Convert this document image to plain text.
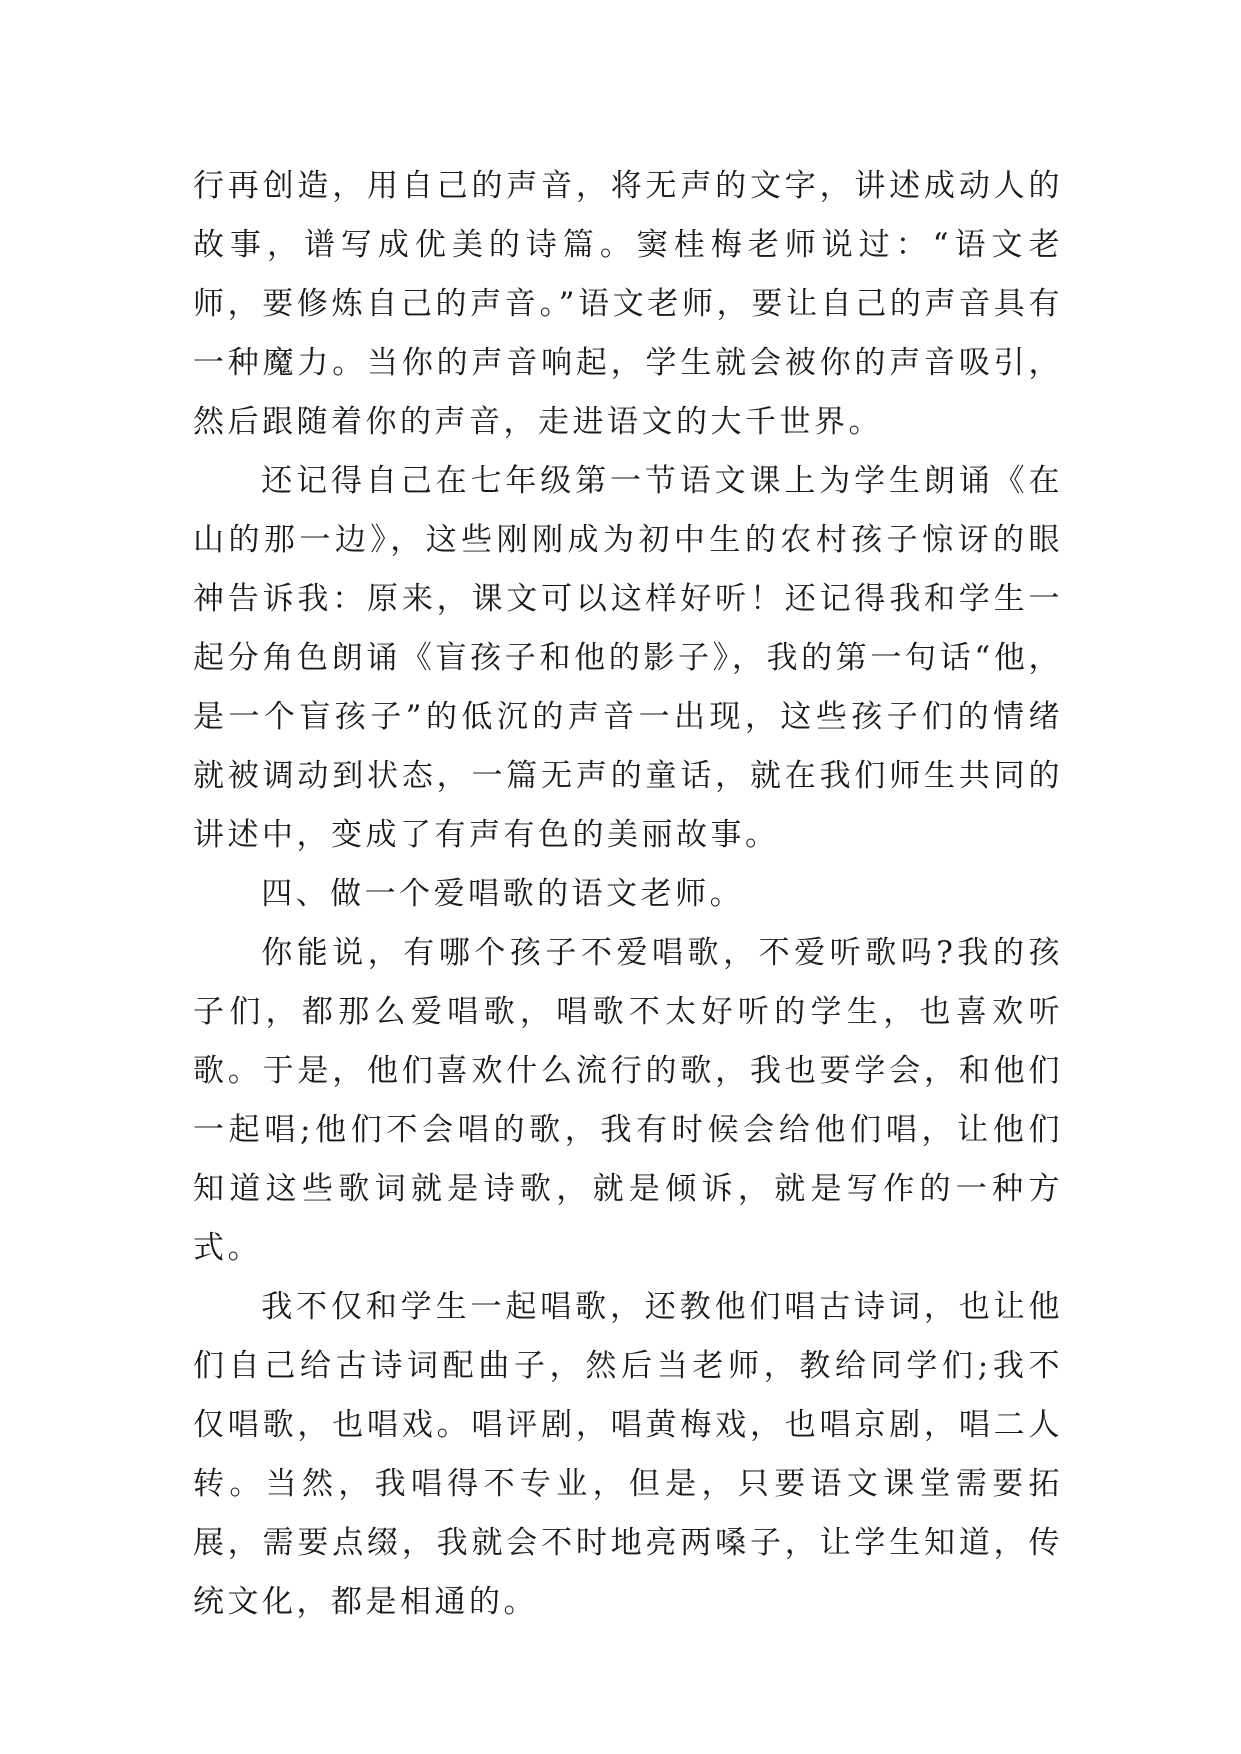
行再创造，用自己的声音，将无声的文字，讲述成动人的故事，谱写成优美的诗篇。窦桂梅老师说过：“语文老师，要修炼自己的声音。”语文老师，要让自己的声音具有一种魔力。当你的声音响起，学生就会被你的声音吸引，然后跟随着你的声音，走进语文的大千世界。

还记得自己在七年级第一节语文课上为学生朗诵《在山的那一边》，这些刚刚成为初中生的农村孩子惊讶的眼神告诉我：原来，课文可以这样好听！还记得我和学生一起分角色朗诵《盲孩子和他的影子》，我的第一句话“他，是一个盲孩子”的低沉的声音一出现，这些孩子们的情绪就被调动到状态，一篇无声的童话，就在我们师生共同的讲述中，变成了有声有色的美丽故事。

四、做一个爱唱歌的语文老师。

你能说，有哪个孩子不爱唱歌，不爱听歌吗?我的孩子们，都那么爱唱歌，唱歌不太好听的学生，也喜欢听歌。于是，他们喜欢什么流行的歌，我也要学会，和他们一起唱;他们不会唱的歌，我有时候会给他们唱，让他们知道这些歌词就是诗歌，就是倾诉，就是写作的一种方式。

我不仅和学生一起唱歌，还教他们唱古诗词，也让他们自己给古诗词配曲子，然后当老师，教给同学们;我不仅唱歌，也唱戏。唱评剧，唱黄梅戏，也唱京剧，唱二人转。当然，我唱得不专业，但是，只要语文课堂需要拓展，需要点缀，我就会不时地亮两嗓子，让学生知道，传统文化，都是相通的。
